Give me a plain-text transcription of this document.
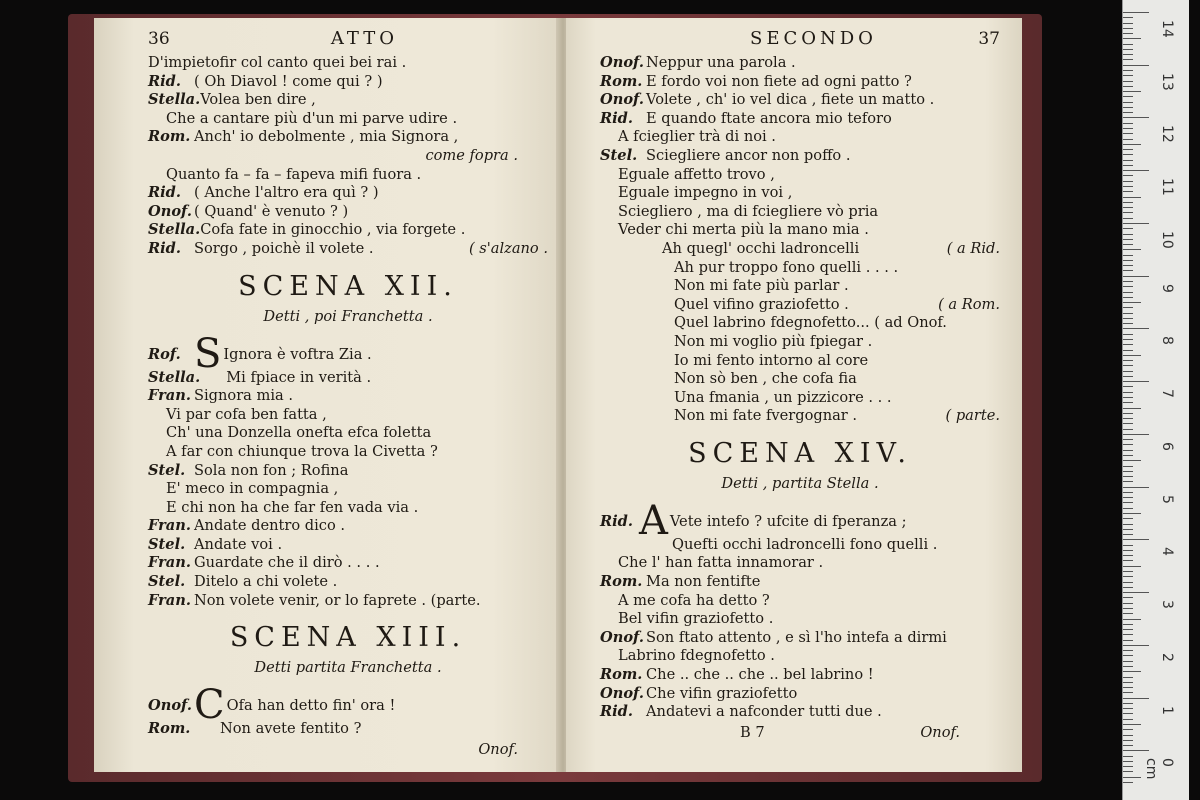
36	ATTO
D'impietofir col canto quei bei rai .
Rid. ( Oh Diavol ! come qui ? )
Stella.Volea ben dire ,
Che a cantare più d'un mi parve udire .
Rom. Anch' io debolmente , mia Signora ,
come fopra .
Quanto fa – fa – fapeva mifi fuora .
Rid. ( Anche l'altro era quì ? )
Onof. ( Quand' è venuto ? )
Stella.Cofa fate in ginocchio , via forgete .
Rid. Sorgo , poichè il volete .	( s'alzano .
SCENA XII.
Detti , poi Franchetta .
Rof. S Ignora è voftra Zia .
Stella. Mi fpiace in verità .
Fran. Signora mia .
Vi par cofa ben fatta ,
Ch' una Donzella onefta efca foletta
A far con chiunque trova la Civetta ?
Stel. Sola non fon ; Rofina
E' meco in compagnia ,
E chi non ha che far fen vada via .
Fran. Andate dentro dico .
Stel. Andate voi .
Fran. Guardate che il dirò . . . .
Stel. Ditelo a chi volete .
Fran. Non volete venir, or lo faprete . (parte.
SCENA XIII.
Detti partita Franchetta .
Onof.C Ofa han detto fin' ora !
Rom. Non avete fentito ?
Onof.
SECONDO	37
Onof. Neppur una parola .
Rom. E fordo voi non fiete ad ogni patto ?
Onof. Volete , ch' io vel dica , fiete un matto .
Rid. E quando ftate ancora mio teforo
A fcieglier trà di noi .
Stel. Sciegliere ancor non poffo .
Eguale affetto trovo ,
Eguale impegno in voi ,
Sciegliero , ma di fciegliere vò pria
Veder chi merta più la mano mia .
Ah quegl' occhi ladroncelli	( a Rid.
Ah pur troppo fono quelli . . . .
Non mi fate più parlar .
Quel vifino graziofetto .	( a Rom.
Quel labrino fdegnofetto... ( ad Onof.
Non mi voglio più fpiegar .
Io mi fento intorno al core
Non sò ben , che cofa fia
Una fmania , un pizzicore . . .
Non mi fate fvergognar .	( parte.
SCENA XIV.
Detti , partita Stella .
Rid. A Vete intefo ? ufcite di fperanza ;
Quefti occhi ladroncelli fono quelli .
Che l' han fatta innamorar .
Rom. Ma non fentifte
A me cofa ha detto ?
Bel vifin graziofetto .
Onof. Son ftato attento , e sì l'ho intefa a dirmi
Labrino fdegnofetto .
Rom. Che .. che .. che .. bel labrino !
Onof. Che vifin graziofetto
Rid. Andatevi a nafconder tutti due .
B 7	Onof.
14
13
12
11
10
9
8
7
6
5
4
3
2
1
0 cm
